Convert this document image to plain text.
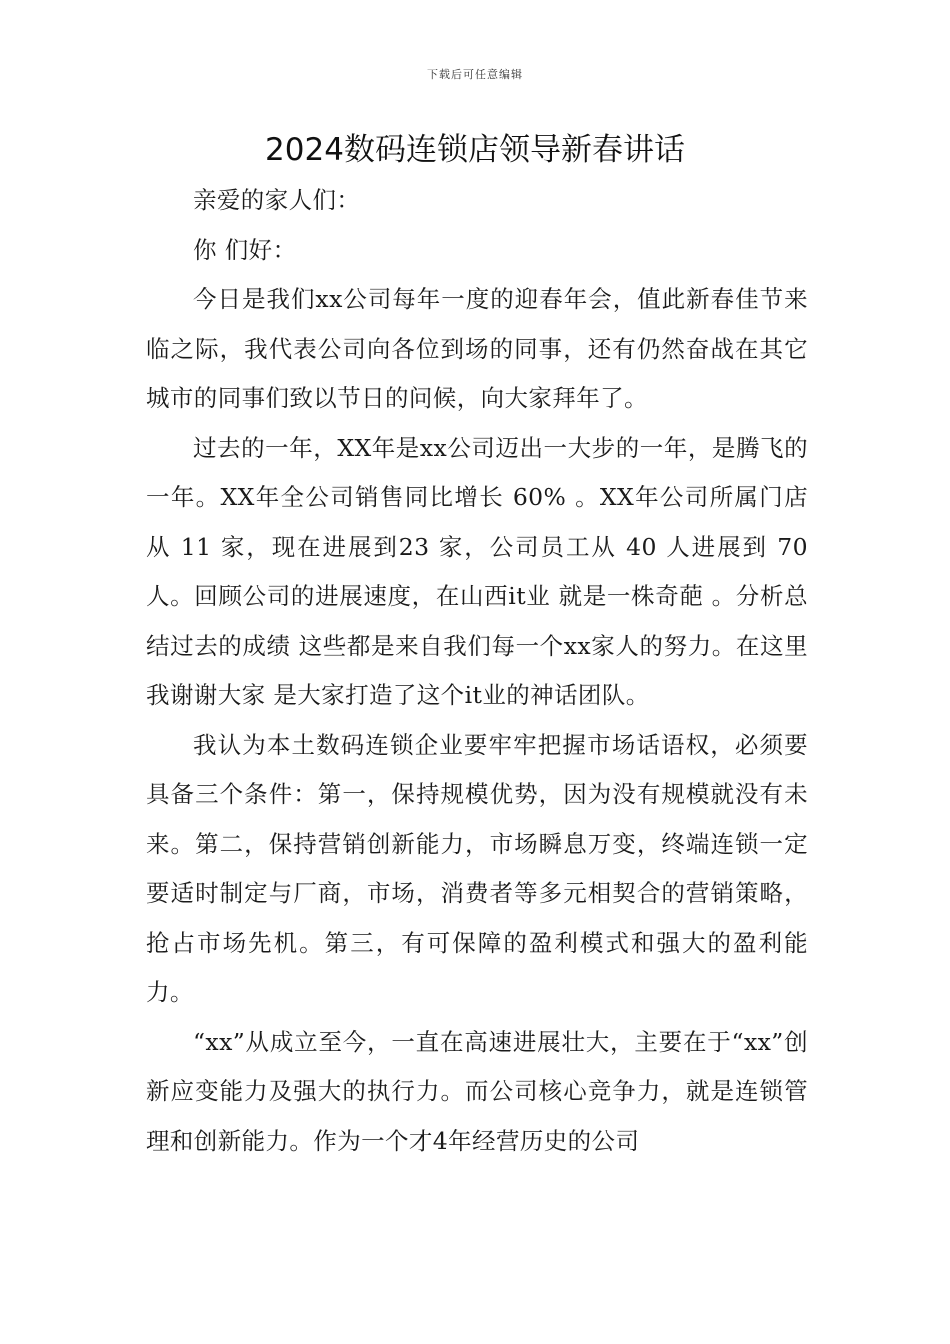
下载后可任意编辑
2024数码连锁店领导新春讲话

亲爱的家人们：

你 们好：

今日是我们xx公司每年一度的迎春年会，值此新春佳节来临之际，我代表公司向各位到场的同事，还有仍然奋战在其它城市的同事们致以节日的问候，向大家拜年了。

过去的一年，XX年是xx公司迈出一大步的一年，是腾飞的一年。XX年全公司销售同比增长 60% 。XX年公司所属门店从 11 家，现在进展到23 家，公司员工从 40 人进展到 70 人。回顾公司的进展速度，在山西it业 就是一株奇葩 。分析总结过去的成绩 这些都是来自我们每一个xx家人的努力。在这里 我谢谢大家 是大家打造了这个it业的神话团队。

我认为本土数码连锁企业要牢牢把握市场话语权，必须要具备三个条件：第一，保持规模优势，因为没有规模就没有未来。第二，保持营销创新能力，市场瞬息万变，终端连锁一定要适时制定与厂商，市场，消费者等多元相契合的营销策略，抢占市场先机。第三，有可保障的盈利模式和强大的盈利能力。

“xx”从成立至今，一直在高速进展壮大，主要在于“xx”创新应变能力及强大的执行力。而公司核心竞争力，就是连锁管理和创新能力。作为一个才4年经营历史的公司
